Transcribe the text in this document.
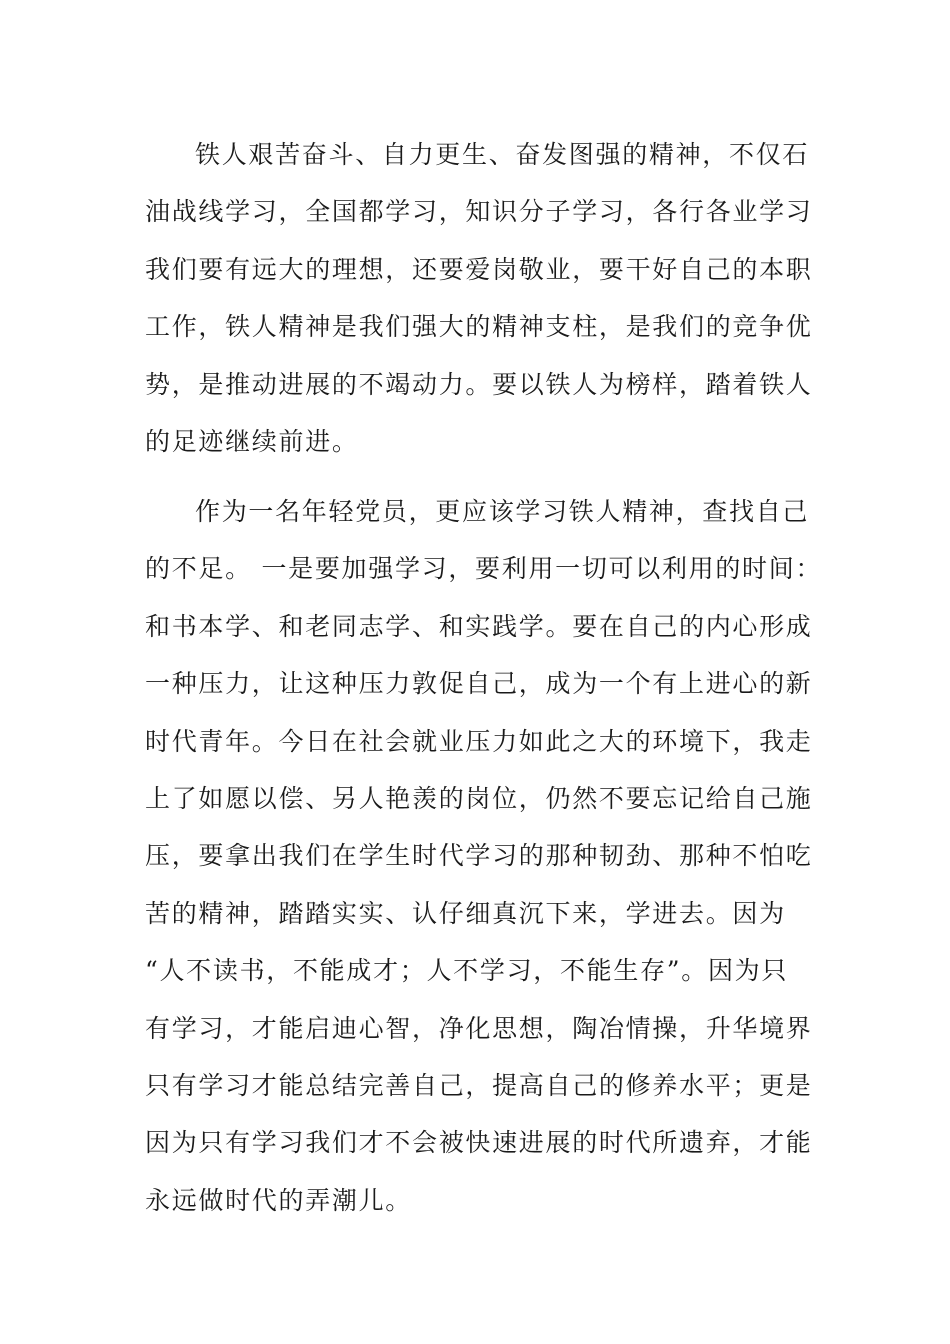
铁人艰苦奋斗、自力更生、奋发图强的精神，不仅石
油战线学习，全国都学习，知识分子学习，各行各业学习
我们要有远大的理想，还要爱岗敬业，要干好自己的本职
工作，铁人精神是我们强大的精神支柱，是我们的竞争优
势，是推动进展的不竭动力。要以铁人为榜样，踏着铁人
的足迹继续前进。
作为一名年轻党员，更应该学习铁人精神，查找自己
的不足。 一是要加强学习，要利用一切可以利用的时间：
和书本学、和老同志学、和实践学。要在自己的内心形成
一种压力，让这种压力敦促自己，成为一个有上进心的新
时代青年。今日在社会就业压力如此之大的环境下，我走
上了如愿以偿、另人艳羡的岗位，仍然不要忘记给自己施
压，要拿出我们在学生时代学习的那种韧劲、那种不怕吃
苦的精神，踏踏实实、认仔细真沉下来，学进去。因为
“人不读书，不能成才；人不学习，不能生存”。因为只
有学习，才能启迪心智，净化思想，陶冶情操，升华境界
只有学习才能总结完善自己，提高自己的修养水平；更是
因为只有学习我们才不会被快速进展的时代所遗弃，才能
永远做时代的弄潮儿。
